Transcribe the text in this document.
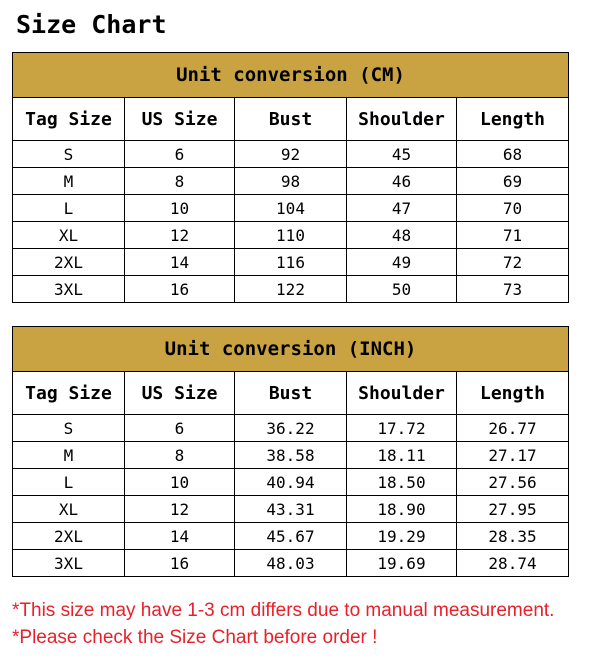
Size Chart
Unit conversion (CM)				
Tag Size	US Size	Bust	Shoulder	Length
S	6	92	45	68
M	8	98	46	69
L	10	104	47	70
XL	12	110	48	71
2XL	14	116	49	72
3XL	16	122	50	73
Unit conversion (INCH)				
Tag Size	US Size	Bust	Shoulder	Length
S	6	36.22	17.72	26.77
M	8	38.58	18.11	27.17
L	10	40.94	18.50	27.56
XL	12	43.31	18.90	27.95
2XL	14	45.67	19.29	28.35
3XL	16	48.03	19.69	28.74
*This size may have 1-3 cm differs due to manual measurement.
*Please check the Size Chart before order !
